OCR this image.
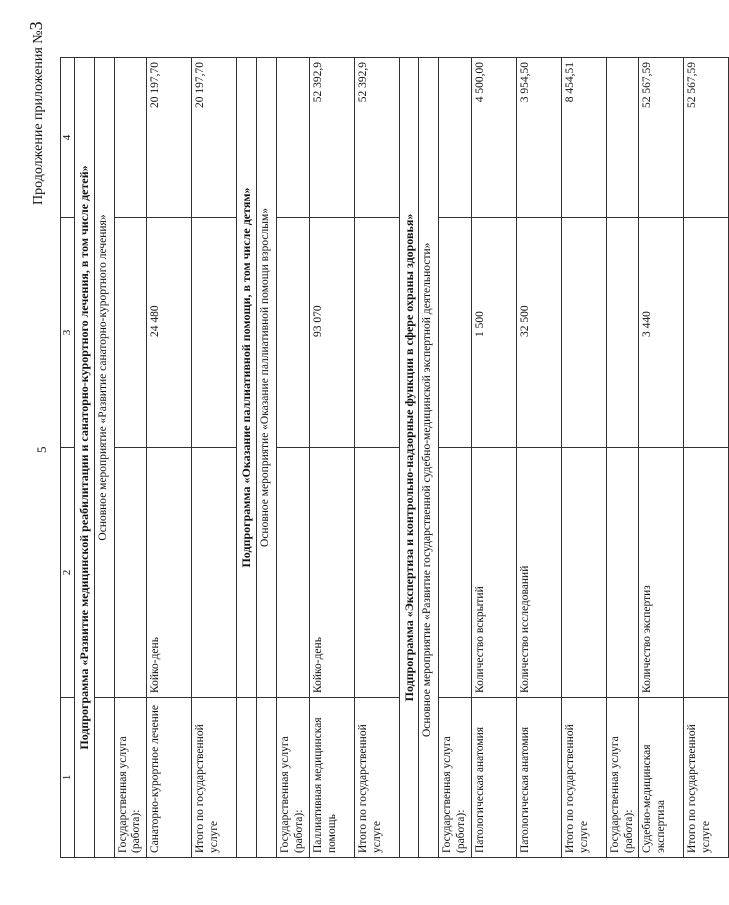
5
Продолжение приложения №3
1	2	3	4
Подпрограмма «Развитие медицинской реабилитации и санаторно-курортного лечения, в том числе детей»			
	Основное мероприятие «Развитие санаторно-курортного лечения»		
Государственная услуга (работа):			
Санаторно-курортное лечение	Койко-день	24 480	20 197,70
Итого по государственной услуге			20 197,70
	Подпрограмма «Оказание паллиативной помощи, в том числе детям»		
	Основное мероприятие «Оказание паллиативной помощи взрослым»		
Государственная услуга (работа):			
Паллиативная медицинская помощь	Койко-день	93 070	52 392,9
Итого по государственной услуге			52 392,9
Подпрограмма «Экспертиза и контрольно-надзорные функции в сфере охраны здоровья»			
Основное мероприятие «Развитие государственной судебно-медицинской экспертной деятельности»			
Государственная услуга (работа):			
Патологическая анатомия	Количество вскрытий	1 500	4 500,00
Патологическая анатомия	Количество исследований	32 500	3 954,50
Итого по государственной услуге			8 454,51
Государственная услуга (работа):			
Судебно-медицинская экспертиза	Количество экспертиз	3 440	52 567,59
Итого по государственной услуге			52 567,59
